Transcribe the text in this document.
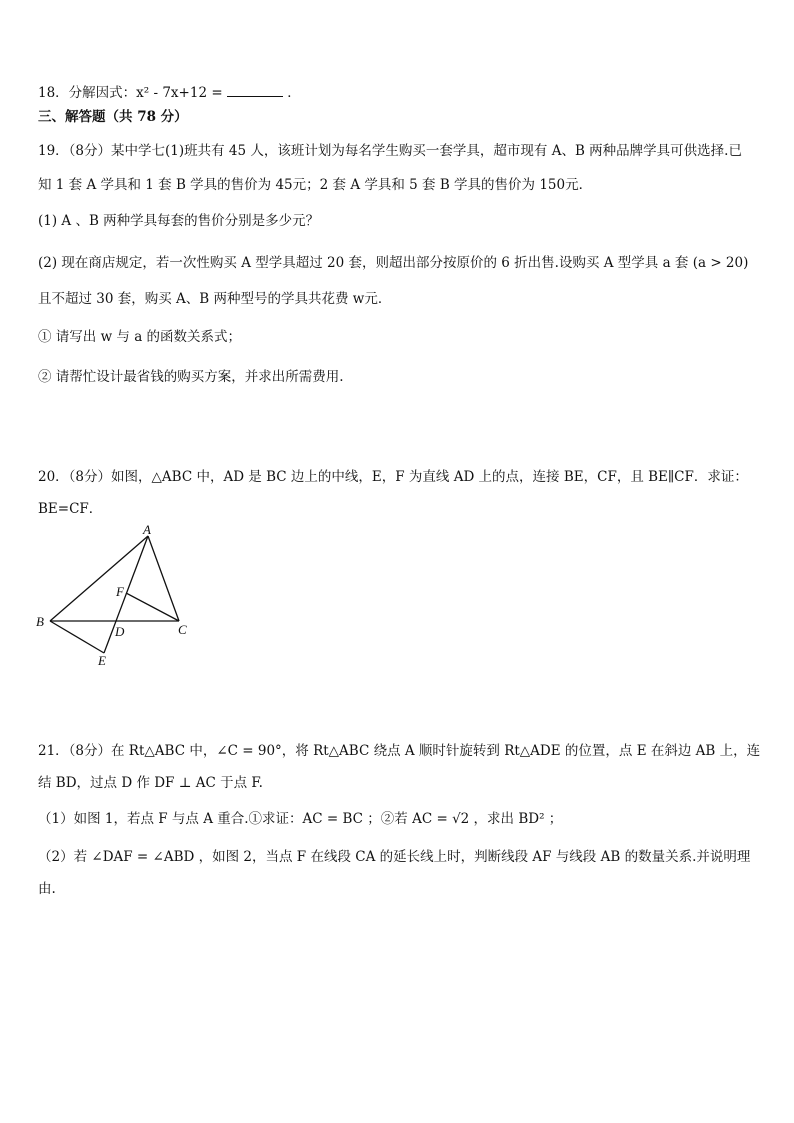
18．分解因式：x² - 7x+12 =	．
三、解答题（共 78 分）
19．（8分）某中学七(1)班共有 45 人，该班计划为每名学生购买一套学具，超市现有 A、B 两种品牌学具可供选择.已
知 1 套 A 学具和 1 套 B 学具的售价为 45元；2 套 A 学具和 5 套 B 学具的售价为 150元．
(1) A 、B 两种学具每套的售价分别是多少元？
(2) 现在商店规定，若一次性购买 A 型学具超过 20 套，则超出部分按原价的 6 折出售.设购买 A 型学具 a 套 (a > 20)
且不超过 30 套，购买 A、B 两种型号的学具共花费 w元．
① 请写出 w 与 a 的函数关系式；
② 请帮忙设计最省钱的购买方案，并求出所需费用.
20．（8分）如图，△ABC 中，AD 是 BC 边上的中线，E，F 为直线 AD 上的点，连接 BE，CF，且 BE∥CF．求证：
BE=CF．
A
B
C
D
E
F
21．（8分）在 Rt△ABC 中，∠C = 90°，将 Rt△ABC 绕点 A 顺时针旋转到 Rt△ADE 的位置，点 E 在斜边 AB 上，连
结 BD，过点 D 作 DF ⊥ AC 于点 F.
（1）如图 1，若点 F 与点 A 重合.①求证：AC = BC ；②若 AC = √2 ，求出 BD² ；
（2）若 ∠DAF = ∠ABD ，如图 2，当点 F 在线段 CA 的延长线上时，判断线段 AF 与线段 AB 的数量关系.并说明理
由.
